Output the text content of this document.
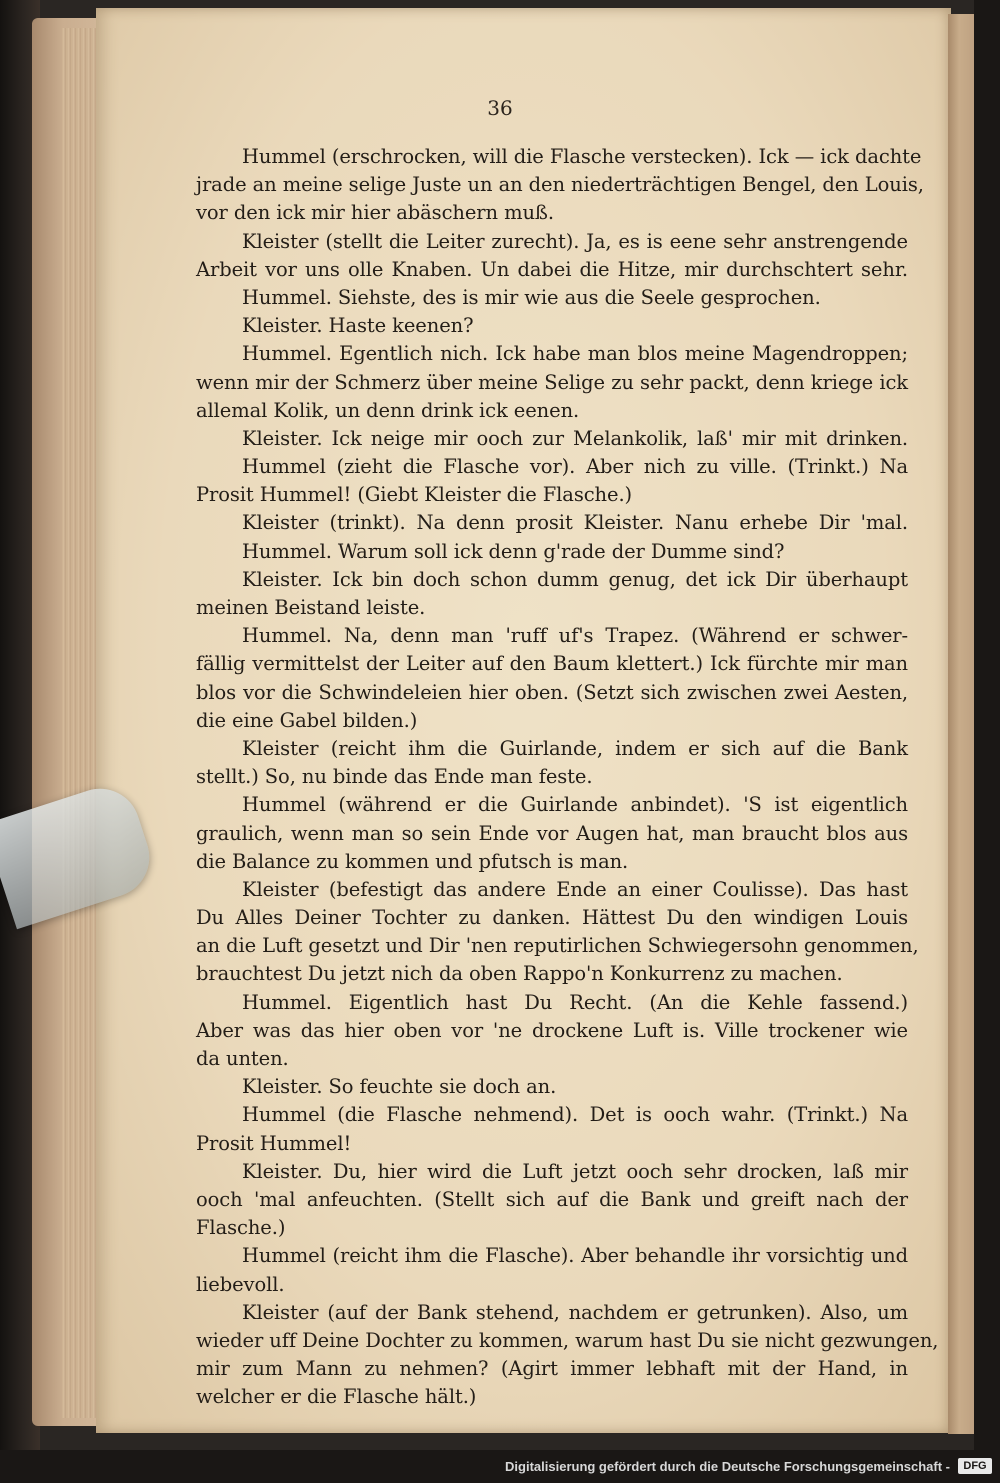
36
Hummel (erschrocken, will die Flasche verstecken). Ick — ick dachte
jrade an meine selige Juste un an den niederträchtigen Bengel, den Louis,
vor den ick mir hier abäschern muß.
Kleister (stellt die Leiter zurecht). Ja, es is eene sehr anstrengende
Arbeit vor uns olle Knaben. Un dabei die Hitze, mir durchschtert sehr.
Hummel. Siehste, des is mir wie aus die Seele gesprochen.
Kleister. Haste keenen?
Hummel. Egentlich nich. Ick habe man blos meine Magendroppen;
wenn mir der Schmerz über meine Selige zu sehr packt, denn kriege ick
allemal Kolik, un denn drink ick eenen.
Kleister. Ick neige mir ooch zur Melankolik, laß' mir mit drinken.
Hummel (zieht die Flasche vor). Aber nich zu ville. (Trinkt.) Na
Prosit Hummel! (Giebt Kleister die Flasche.)
Kleister (trinkt). Na denn prosit Kleister. Nanu erhebe Dir 'mal.
Hummel. Warum soll ick denn g'rade der Dumme sind?
Kleister. Ick bin doch schon dumm genug, det ick Dir überhaupt
meinen Beistand leiste.
Hummel. Na, denn man 'ruff uf's Trapez. (Während er schwer-
fällig vermittelst der Leiter auf den Baum klettert.) Ick fürchte mir man
blos vor die Schwindeleien hier oben. (Setzt sich zwischen zwei Aesten,
die eine Gabel bilden.)
Kleister (reicht ihm die Guirlande, indem er sich auf die Bank
stellt.) So, nu binde das Ende man feste.
Hummel (während er die Guirlande anbindet). 'S ist eigentlich
graulich, wenn man so sein Ende vor Augen hat, man braucht blos aus
die Balance zu kommen und pfutsch is man.
Kleister (befestigt das andere Ende an einer Coulisse). Das hast
Du Alles Deiner Tochter zu danken. Hättest Du den windigen Louis
an die Luft gesetzt und Dir 'nen reputirlichen Schwiegersohn genommen,
brauchtest Du jetzt nich da oben Rappo'n Konkurrenz zu machen.
Hummel. Eigentlich hast Du Recht. (An die Kehle fassend.)
Aber was das hier oben vor 'ne drockene Luft is. Ville trockener wie
da unten.
Kleister. So feuchte sie doch an.
Hummel (die Flasche nehmend). Det is ooch wahr. (Trinkt.) Na
Prosit Hummel!
Kleister. Du, hier wird die Luft jetzt ooch sehr drocken, laß mir
ooch 'mal anfeuchten. (Stellt sich auf die Bank und greift nach der
Flasche.)
Hummel (reicht ihm die Flasche). Aber behandle ihr vorsichtig und
liebevoll.
Kleister (auf der Bank stehend, nachdem er getrunken). Also, um
wieder uff Deine Dochter zu kommen, warum hast Du sie nicht gezwungen,
mir zum Mann zu nehmen? (Agirt immer lebhaft mit der Hand, in
welcher er die Flasche hält.)
Digitalisierung gefördert durch die Deutsche Forschungsgemeinschaft -	DFG
